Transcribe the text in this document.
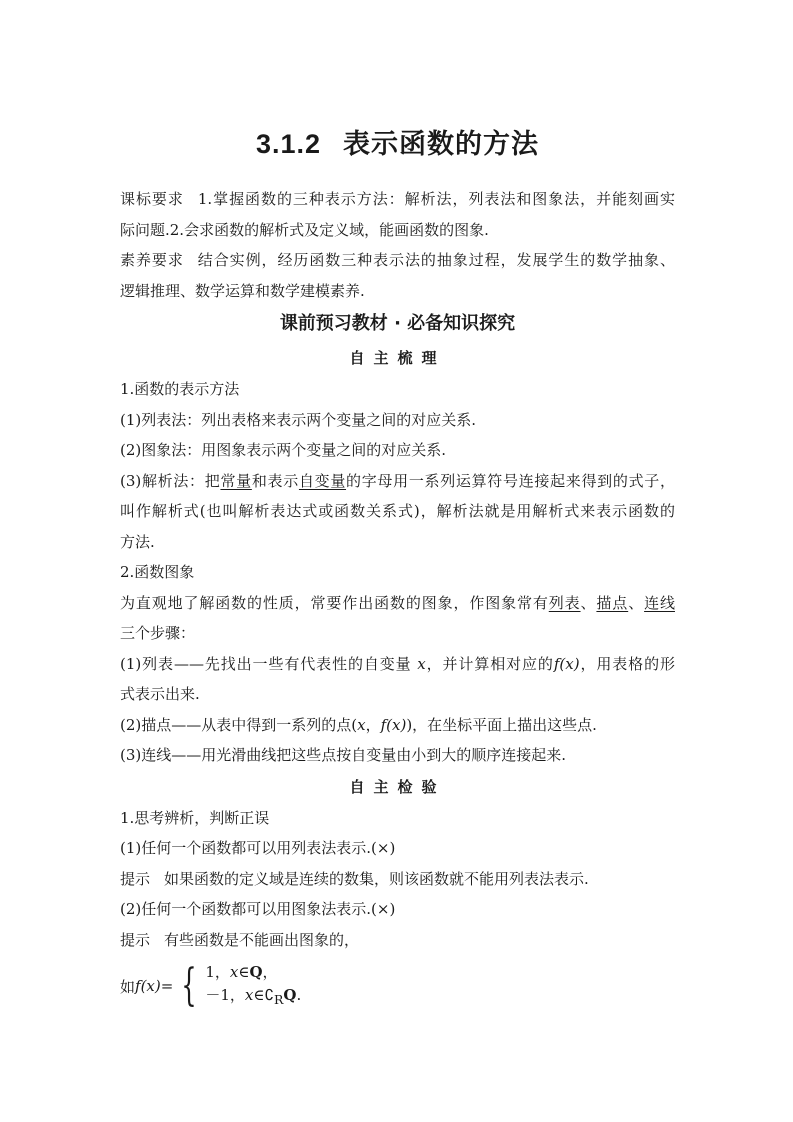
3.1.2 表示函数的方法

课标要求 1.掌握函数的三种表示方法：解析法，列表法和图象法，并能刻画实

际问题.2.会求函数的解析式及定义域，能画函数的图象.

素养要求 结合实例，经历函数三种表示法的抽象过程，发展学生的数学抽象、

逻辑推理、数学运算和数学建模素养.

课前预习教材 · 必备知识探究
自主梳理

1.函数的表示方法

(1)列表法：列出表格来表示两个变量之间的对应关系.

(2)图象法：用图象表示两个变量之间的对应关系.

(3)解析法：把常量和表示自变量的字母用一系列运算符号连接起来得到的式子，

叫作解析式(也叫解析表达式或函数关系式)，解析法就是用解析式来表示函数的

方法.

2.函数图象

为直观地了解函数的性质，常要作出函数的图象，作图象常有列表、描点、连线

三个步骤：

(1)列表——先找出一些有代表性的自变量 x，并计算相对应的f(x)，用表格的形

式表示出来.

(2)描点——从表中得到一系列的点(x，f(x))，在坐标平面上描出这些点.

(3)连线——用光滑曲线把这些点按自变量由小到大的顺序连接起来.

自主检验

1.思考辨析，判断正误

(1)任何一个函数都可以用列表法表示.(×)

提示 如果函数的定义域是连续的数集，则该函数就不能用列表法表示.

(2)任何一个函数都可以用图象法表示.(×)

提示 有些函数是不能画出图象的，

如 f(x) = { 1，x∈Q，
－1，$x\in∁_RQ$.
